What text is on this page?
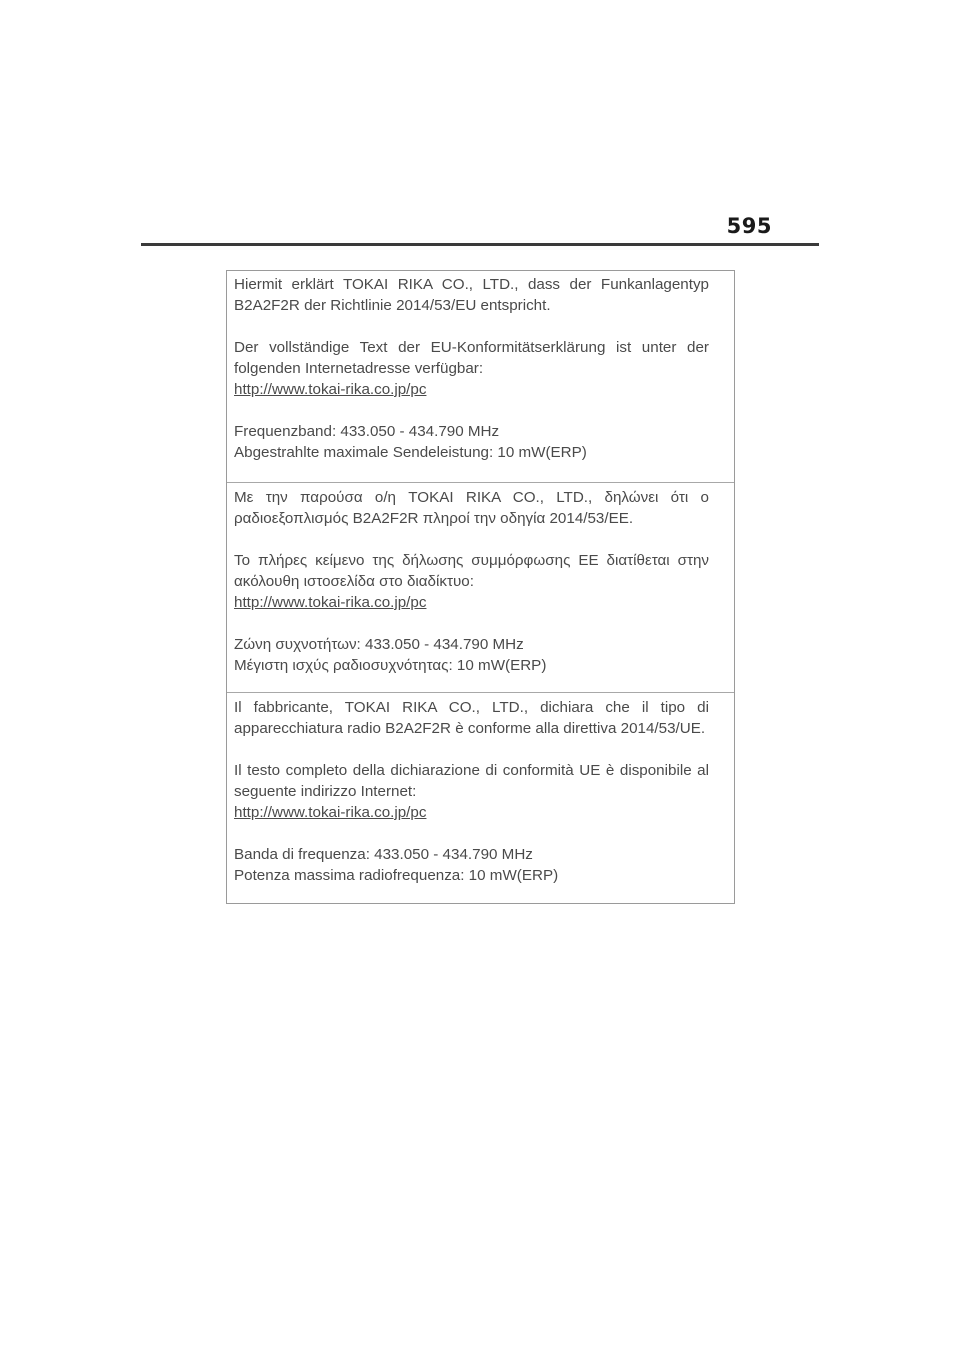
595

Hiermit erklärt TOKAI RIKA CO., LTD., dass der Funkanlagentyp
B2A2F2R der Richtlinie 2014/53/EU entspricht.

Der vollständige Text der EU-Konformitätserklärung ist unter der
folgenden Internetadresse verfügbar:
http://www.tokai-rika.co.jp/pc

Frequenzband: 433.050 - 434.790 MHz
Abgestrahlte maximale Sendeleistung: 10 mW(ERP)

Με την παρούσα ο/η TOKAI RIKA CO., LTD., δηλώνει ότι ο
ραδιοεξοπλισμός B2A2F2R πληροί την οδηγία 2014/53/ΕΕ.

Το πλήρες κείμενο της δήλωσης συμμόρφωσης ΕΕ διατίθεται στην
ακόλουθη ιστοσελίδα στο διαδίκτυο:
http://www.tokai-rika.co.jp/pc

Ζώνη συχνοτήτων: 433.050 - 434.790 MHz
Μέγιστη ισχύς ραδιοσυχνότητας: 10 mW(ERP)

Il fabbricante, TOKAI RIKA CO., LTD., dichiara che il tipo di
apparecchiatura radio B2A2F2R è conforme alla direttiva 2014/53/UE.

Il testo completo della dichiarazione di conformità UE è disponibile al
seguente indirizzo Internet:
http://www.tokai-rika.co.jp/pc

Banda di frequenza: 433.050 - 434.790 MHz
Potenza massima radiofrequenza: 10 mW(ERP)
